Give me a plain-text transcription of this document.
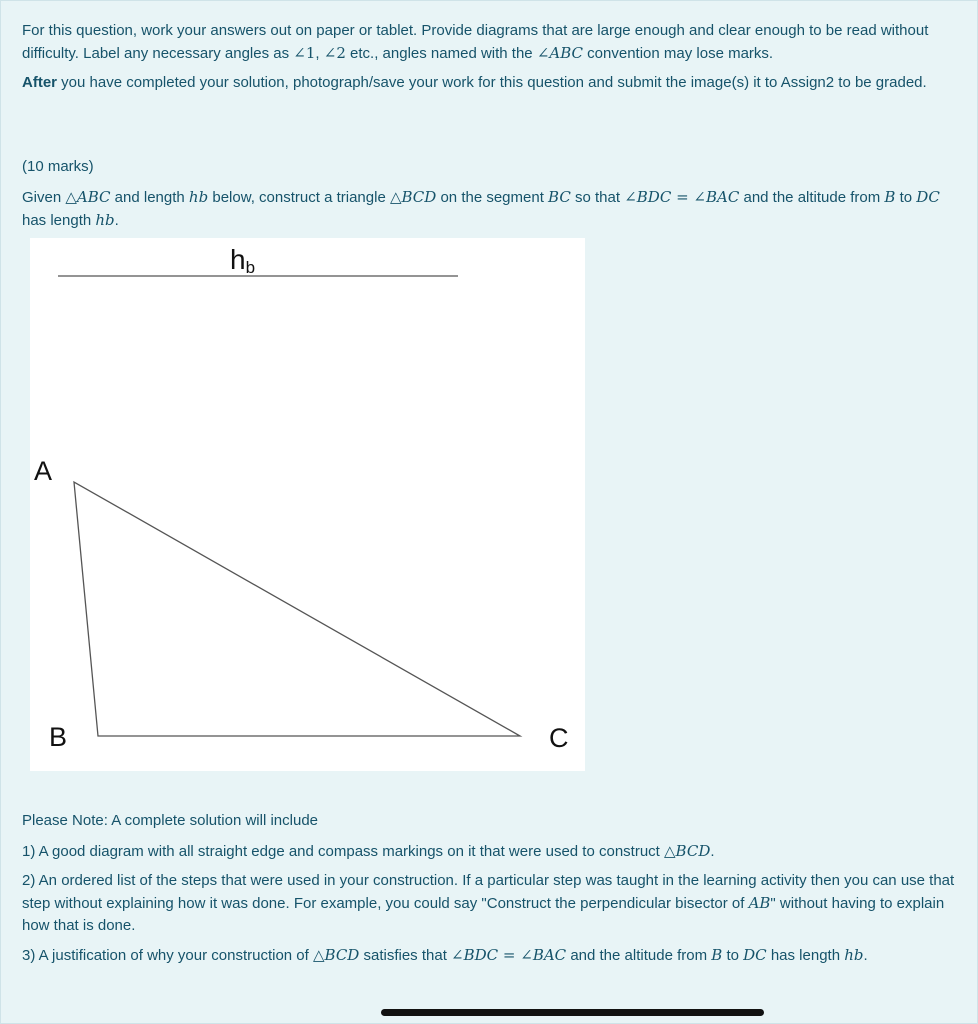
For this question, work your answers out on paper or tablet. Provide diagrams that are large enough and clear enough to be read without difficulty. Label any necessary angles as ∠1, ∠2 etc., angles named with the ∠ABC convention may lose marks.

After you have completed your solution, photograph/save your work for this question and submit the image(s) it to Assign2 to be graded.

(10 marks)

Given △ABC and length hb below, construct a triangle △BCD on the segment BC so that ∠BDC = ∠BAC and the altitude from B to DC has length hb.

hb
A
B	C

Please Note: A complete solution will include

1) A good diagram with all straight edge and compass markings on it that were used to construct △BCD.

2) An ordered list of the steps that were used in your construction. If a particular step was taught in the learning activity then you can use that step without explaining how it was done. For example, you could say "Construct the perpendicular bisector of AB" without having to explain how that is done.

3) A justification of why your construction of △BCD satisfies that ∠BDC = ∠BAC and the altitude from B to DC has length hb.
